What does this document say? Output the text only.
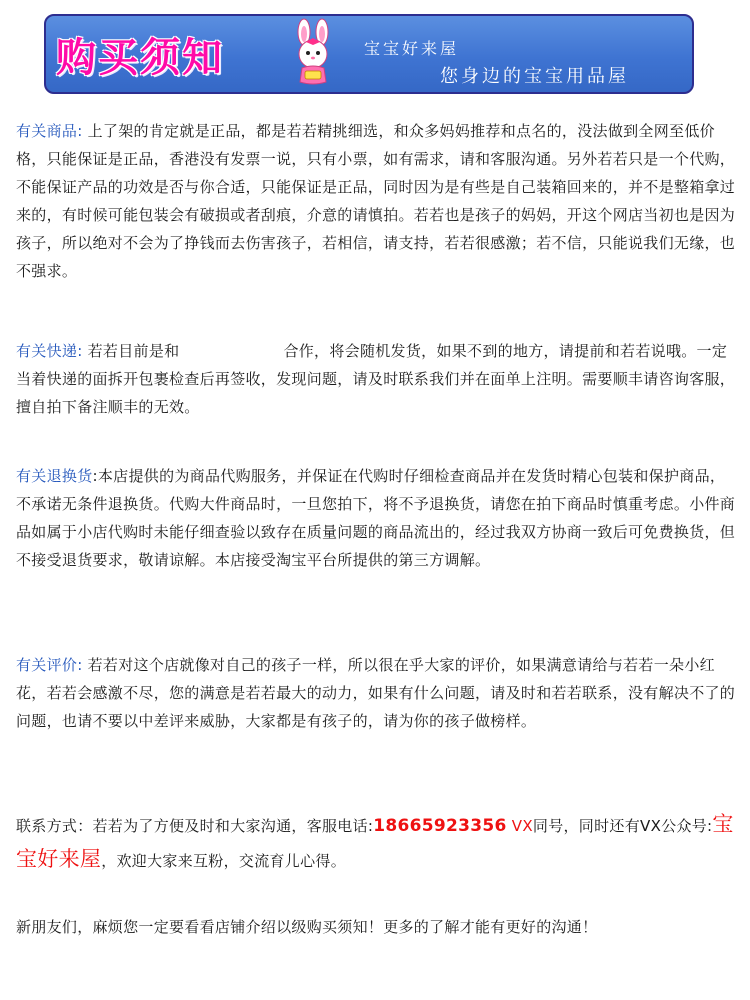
购买须知	宝宝好来屋
您身边的宝宝用品屋
有关商品: 上了架的肯定就是正品，都是若若精挑细选，和众多妈妈推荐和点名的，没法做到全网至低价格，只能保证是正品，香港没有发票一说，只有小票，如有需求，请和客服沟通。另外若若只是一个代购，不能保证产品的功效是否与你合适，只能保证是正品，同时因为是有些是自己装箱回来的，并不是整箱拿过来的，有时候可能包装会有破损或者刮痕，介意的请慎拍。若若也是孩子的妈妈，开这个网店当初也是因为孩子，所以绝对不会为了挣钱而去伤害孩子，若相信，请支持，若若很感激；若不信，只能说我们无缘，也不强求。
有关快递: 若若目前是和	合作，将会随机发货，如果不到的地方，请提前和若若说哦。一定当着快递的面拆开包裹检查后再签收，发现问题，请及时联系我们并在面单上注明。需要顺丰请咨询客服，擅自拍下备注顺丰的无效。
有关退换货:本店提供的为商品代购服务，并保证在代购时仔细检查商品并在发货时精心包装和保护商品，不承诺无条件退换货。代购大件商品时，一旦您拍下，将不予退换货，请您在拍下商品时慎重考虑。小件商品如属于小店代购时未能仔细查验以致存在质量问题的商品流出的，经过我双方协商一致后可免费换货，但不接受退货要求，敬请谅解。本店接受淘宝平台所提供的第三方调解。
有关评价: 若若对这个店就像对自己的孩子一样，所以很在乎大家的评价，如果满意请给与若若一朵小红花，若若会感激不尽，您的满意是若若最大的动力，如果有什么问题，请及时和若若联系，没有解决不了的问题，也请不要以中差评来威胁，大家都是有孩子的，请为你的孩子做榜样。
联系方式：若若为了方便及时和大家沟通，客服电话:18665923356 VX同号，同时还有VX公众号:宝宝好来屋，欢迎大家来互粉，交流育儿心得。
新朋友们，麻烦您一定要看看店铺介绍以级购买须知！更多的了解才能有更好的沟通！
